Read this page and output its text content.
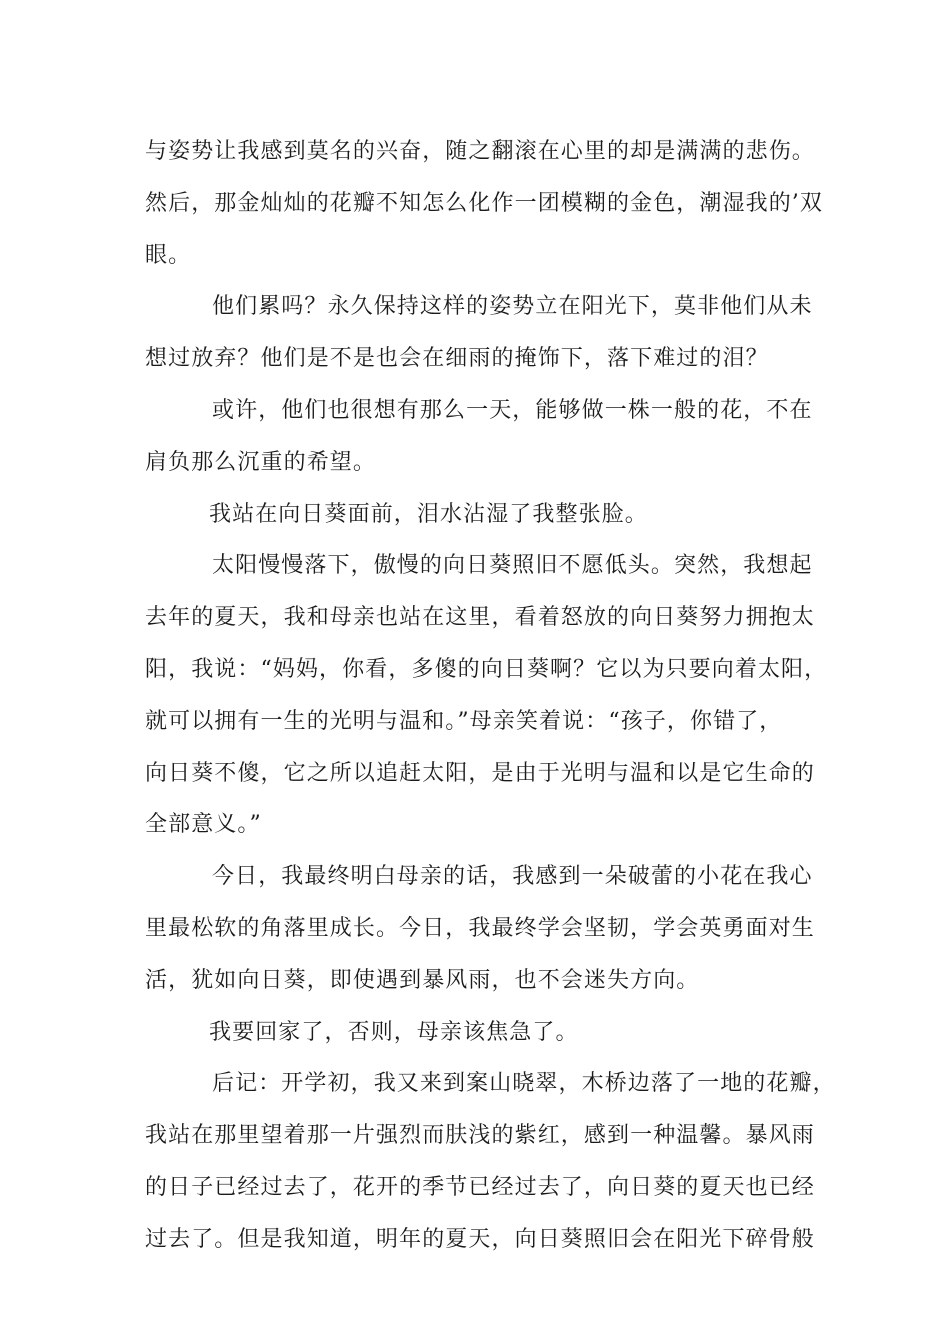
与姿势让我感到莫名的兴奋，随之翻滚在心里的却是满满的悲伤。
然后，那金灿灿的花瓣不知怎么化作一团模糊的金色，潮湿我的’双
眼。
他们累吗？永久保持这样的姿势立在阳光下，莫非他们从未
想过放弃？他们是不是也会在细雨的掩饰下，落下难过的泪？
或许，他们也很想有那么一天，能够做一株一般的花，不在
肩负那么沉重的希望。
我站在向日葵面前，泪水沾湿了我整张脸。
太阳慢慢落下，傲慢的向日葵照旧不愿低头。突然，我想起
去年的夏天，我和母亲也站在这里，看着怒放的向日葵努力拥抱太
阳，我说：“妈妈，你看，多傻的向日葵啊？它以为只要向着太阳，
就可以拥有一生的光明与温和。”母亲笑着说：“孩子，你错了，
向日葵不傻，它之所以追赶太阳，是由于光明与温和以是它生命的
全部意义。”
今日，我最终明白母亲的话，我感到一朵破蕾的小花在我心
里最松软的角落里成长。今日，我最终学会坚韧，学会英勇面对生
活，犹如向日葵，即使遇到暴风雨，也不会迷失方向。
我要回家了，否则，母亲该焦急了。
后记：开学初，我又来到案山晓翠，木桥边落了一地的花瓣，
我站在那里望着那一片强烈而肤浅的紫红，感到一种温馨。暴风雨
的日子已经过去了，花开的季节已经过去了，向日葵的夏天也已经
过去了。但是我知道，明年的夏天，向日葵照旧会在阳光下碎骨般
